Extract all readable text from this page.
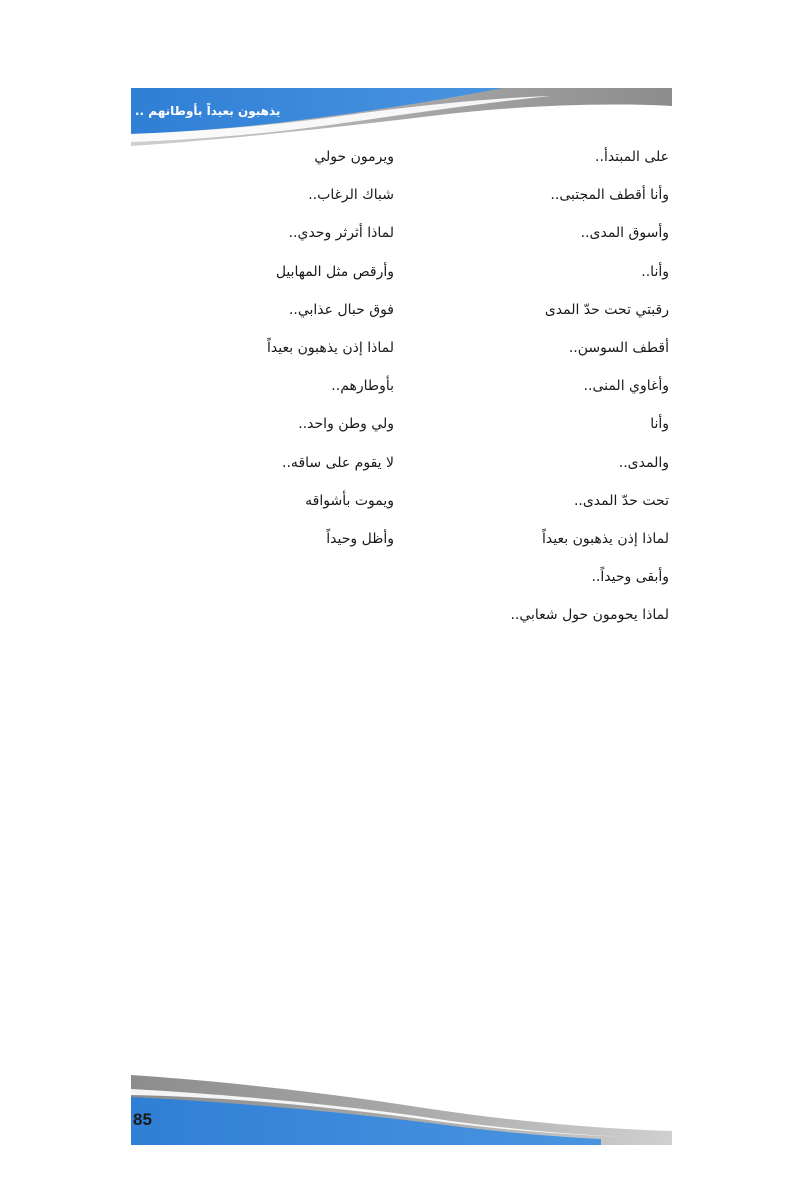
يذهبون بعيداً بأوطانهم ..
على المبتدأ..
وأنا أقطف المجتبى..
وأسوق المدى..
وأنا..
رقبتي تحت حدّ المدى
أقطف السوسن..
وأغاوي المنى..
وأنا
والمدى..
تحت حدّ المدى..
لماذا إذن يذهبون بعيداً
وأبقى وحيداً..
لماذا يحومون حول شعابي..
ويرمون حولي
شباك الرغاب..
لماذا أثرثر وحدي..
وأرقص مثل المهابيل
فوق حبال عذابي..
لماذا إذن يذهبون بعيداً
بأوطارهم..
ولي وطن واحد..
لا يقوم على ساقه..
ويموت بأشواقه
وأظل وحيداً
85
